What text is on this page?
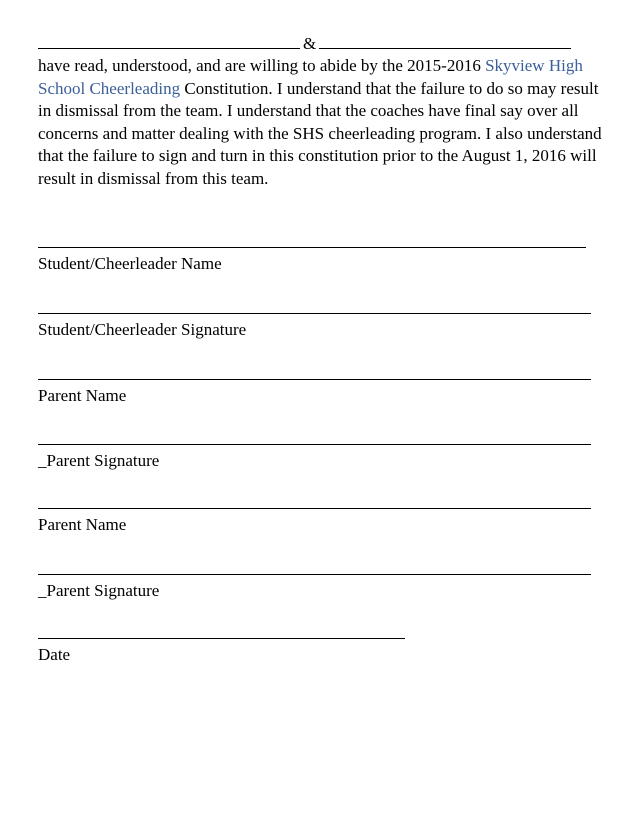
&

have read, understood, and are willing to abide by the 2015-2016 Skyview High School Cheerleading Constitution. I understand that the failure to do so may result in dismissal from the team. I understand that the coaches have final say over all concerns and matter dealing with the SHS cheerleading program. I also understand that the failure to sign and turn in this constitution prior to the August 1, 2016 will result in dismissal from this team.

Student/Cheerleader Name
Student/Cheerleader Signature
Parent Name
_Parent Signature
Parent Name
_Parent Signature
Date
